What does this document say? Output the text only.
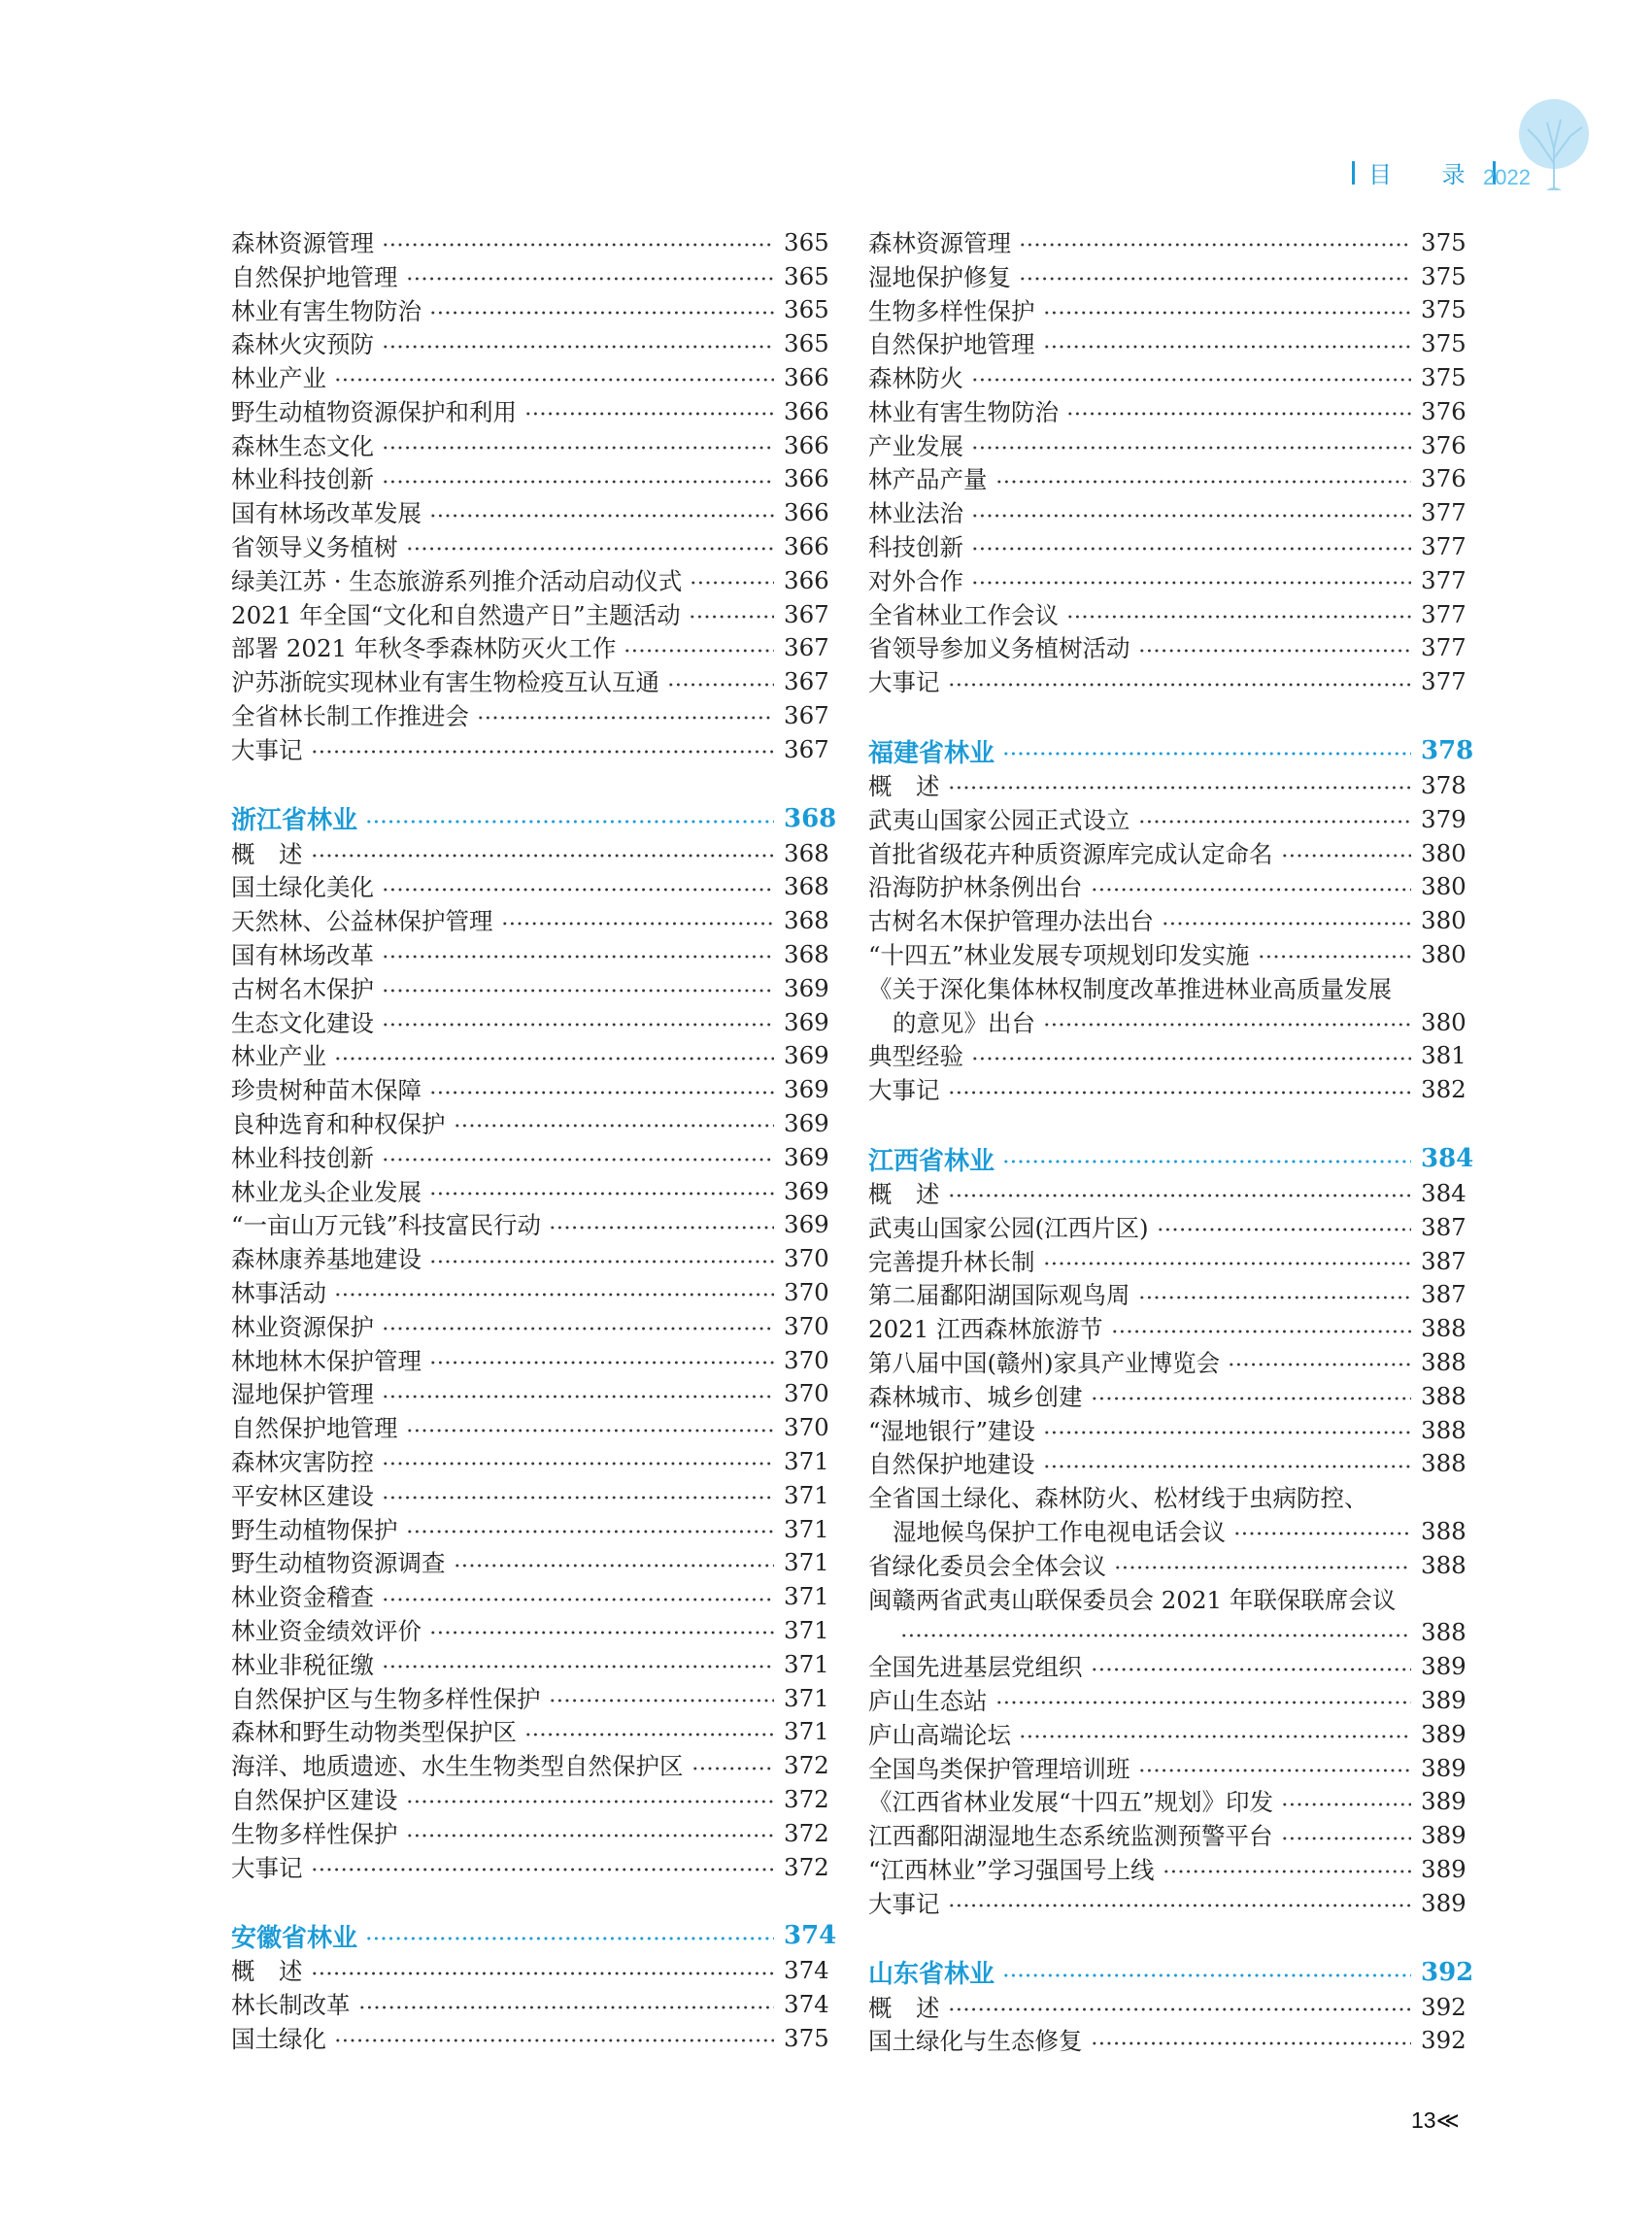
目 录
2022
森林资源管理	365
自然保护地管理	365
林业有害生物防治	365
森林火灾预防	365
林业产业	366
野生动植物资源保护和利用	366
森林生态文化	366
林业科技创新	366
国有林场改革发展	366
省领导义务植树	366
绿美江苏 · 生态旅游系列推介活动启动仪式	366
2021 年全国“文化和自然遗产日”主题活动	367
部署 2021 年秋冬季森林防灭火工作	367
沪苏浙皖实现林业有害生物检疫互认互通	367
全省林长制工作推进会	367
大事记	367
浙江省林业	368
概　述	368
国土绿化美化	368
天然林、公益林保护管理	368
国有林场改革	368
古树名木保护	369
生态文化建设	369
林业产业	369
珍贵树种苗木保障	369
良种选育和种权保护	369
林业科技创新	369
林业龙头企业发展	369
“一亩山万元钱”科技富民行动	369
森林康养基地建设	370
林事活动	370
林业资源保护	370
林地林木保护管理	370
湿地保护管理	370
自然保护地管理	370
森林灾害防控	371
平安林区建设	371
野生动植物保护	371
野生动植物资源调查	371
林业资金稽查	371
林业资金绩效评价	371
林业非税征缴	371
自然保护区与生物多样性保护	371
森林和野生动物类型保护区	371
海洋、地质遗迹、水生生物类型自然保护区	372
自然保护区建设	372
生物多样性保护	372
大事记	372
安徽省林业	374
概　述	374
林长制改革	374
国土绿化	375
森林资源管理	375
湿地保护修复	375
生物多样性保护	375
自然保护地管理	375
森林防火	375
林业有害生物防治	376
产业发展	376
林产品产量	376
林业法治	377
科技创新	377
对外合作	377
全省林业工作会议	377
省领导参加义务植树活动	377
大事记	377
福建省林业	378
概　述	378
武夷山国家公园正式设立	379
首批省级花卉种质资源库完成认定命名	380
沿海防护林条例出台	380
古树名木保护管理办法出台	380
“十四五”林业发展专项规划印发实施	380
《关于深化集体林权制度改革推进林业高质量发展
的意见》出台	380
典型经验	381
大事记	382
江西省林业	384
概　述	384
武夷山国家公园(江西片区)	387
完善提升林长制	387
第二届鄱阳湖国际观鸟周	387
2021 江西森林旅游节	388
第八届中国(赣州)家具产业博览会	388
森林城市、城乡创建	388
“湿地银行”建设	388
自然保护地建设	388
全省国土绿化、森林防火、松材线于虫病防控、
湿地候鸟保护工作电视电话会议	388
省绿化委员会全体会议	388
闽赣两省武夷山联保委员会 2021 年联保联席会议
388
全国先进基层党组织	389
庐山生态站	389
庐山高端论坛	389
全国鸟类保护管理培训班	389
《江西省林业发展“十四五”规划》印发	389
江西鄱阳湖湿地生态系统监测预警平台	389
“江西林业”学习强国号上线	389
大事记	389
山东省林业	392
概　述	392
国土绿化与生态修复	392
13≪
